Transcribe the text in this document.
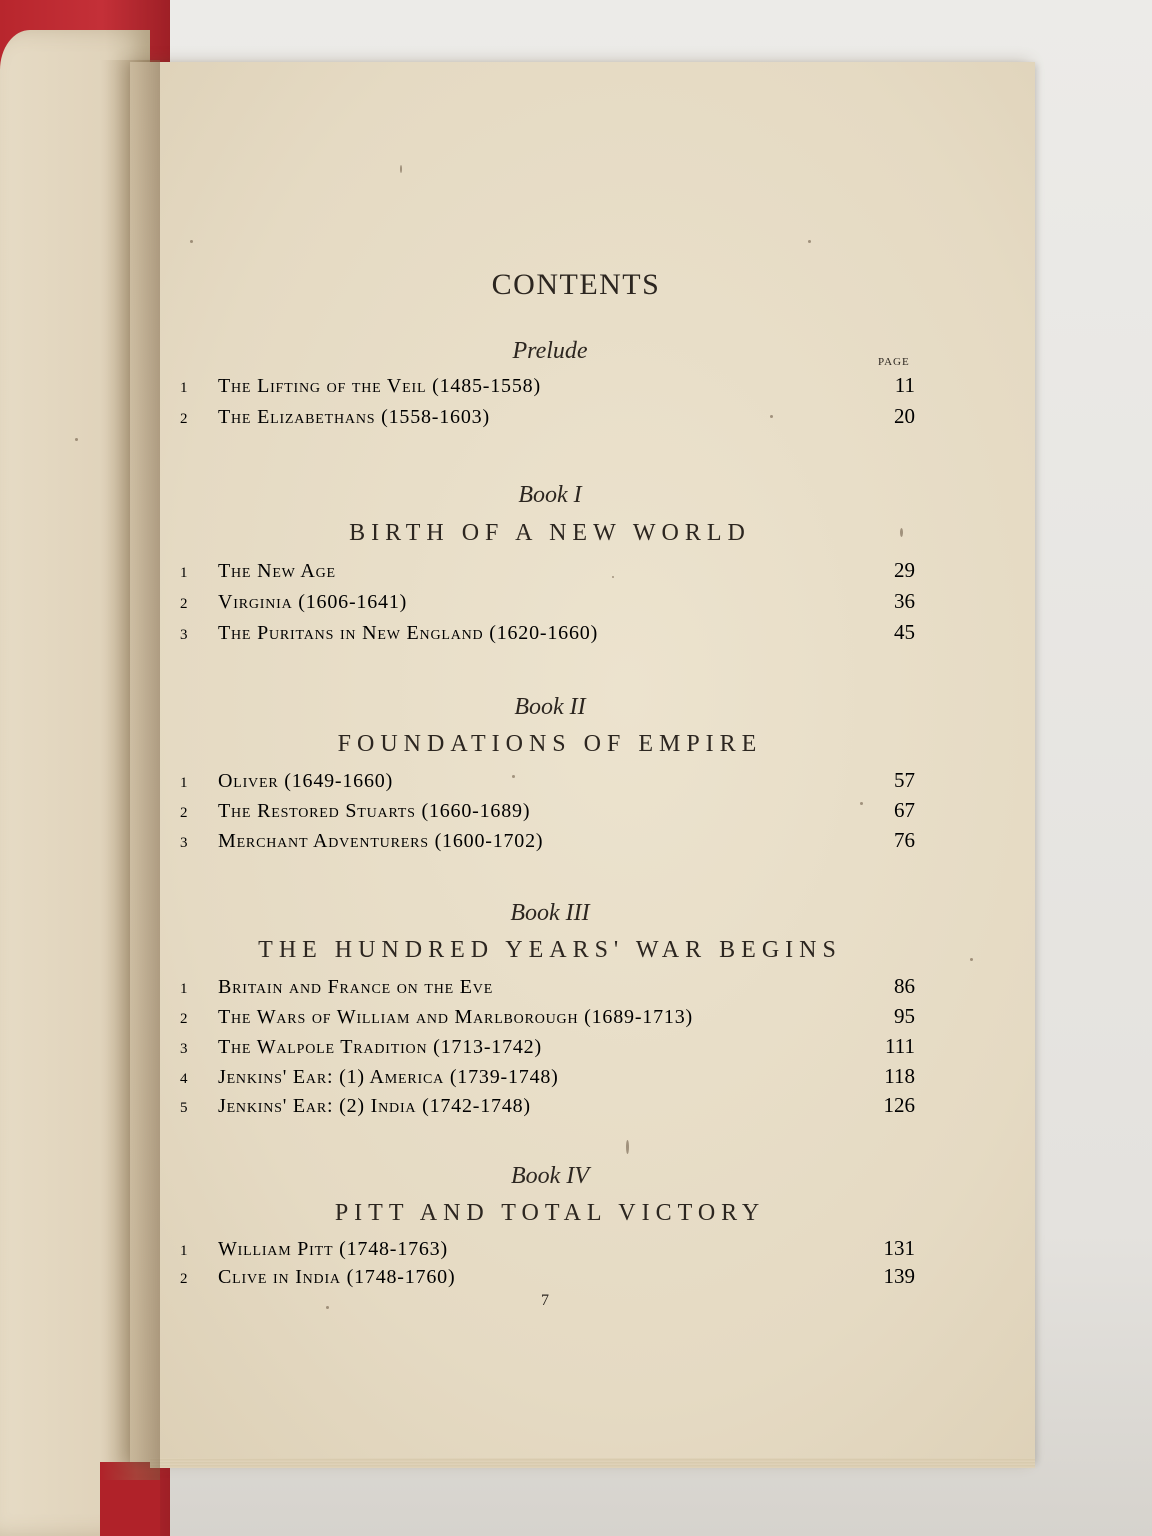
CONTENTS
Prelude	PAGE
1	The Lifting of the Veil (1485-1558)	11
2	The Elizabethans (1558-1603)	20
Book I
BIRTH OF A NEW WORLD
1	The New Age	29
2	Virginia (1606-1641)	36
3	The Puritans in New England (1620-1660)	45
Book II
FOUNDATIONS OF EMPIRE
1	Oliver (1649-1660)	57
2	The Restored Stuarts (1660-1689)	67
3	Merchant Adventurers (1600-1702)	76
Book III
THE HUNDRED YEARS' WAR BEGINS
1	Britain and France on the Eve	86
2	The Wars of William and Marlborough (1689-1713)	95
3	The Walpole Tradition (1713-1742)	111
4	Jenkins' Ear: (1) America (1739-1748)	118
5	Jenkins' Ear: (2) India (1742-1748)	126
Book IV
PITT AND TOTAL VICTORY
1	William Pitt (1748-1763)	131
2	Clive in India (1748-1760)	139
7
